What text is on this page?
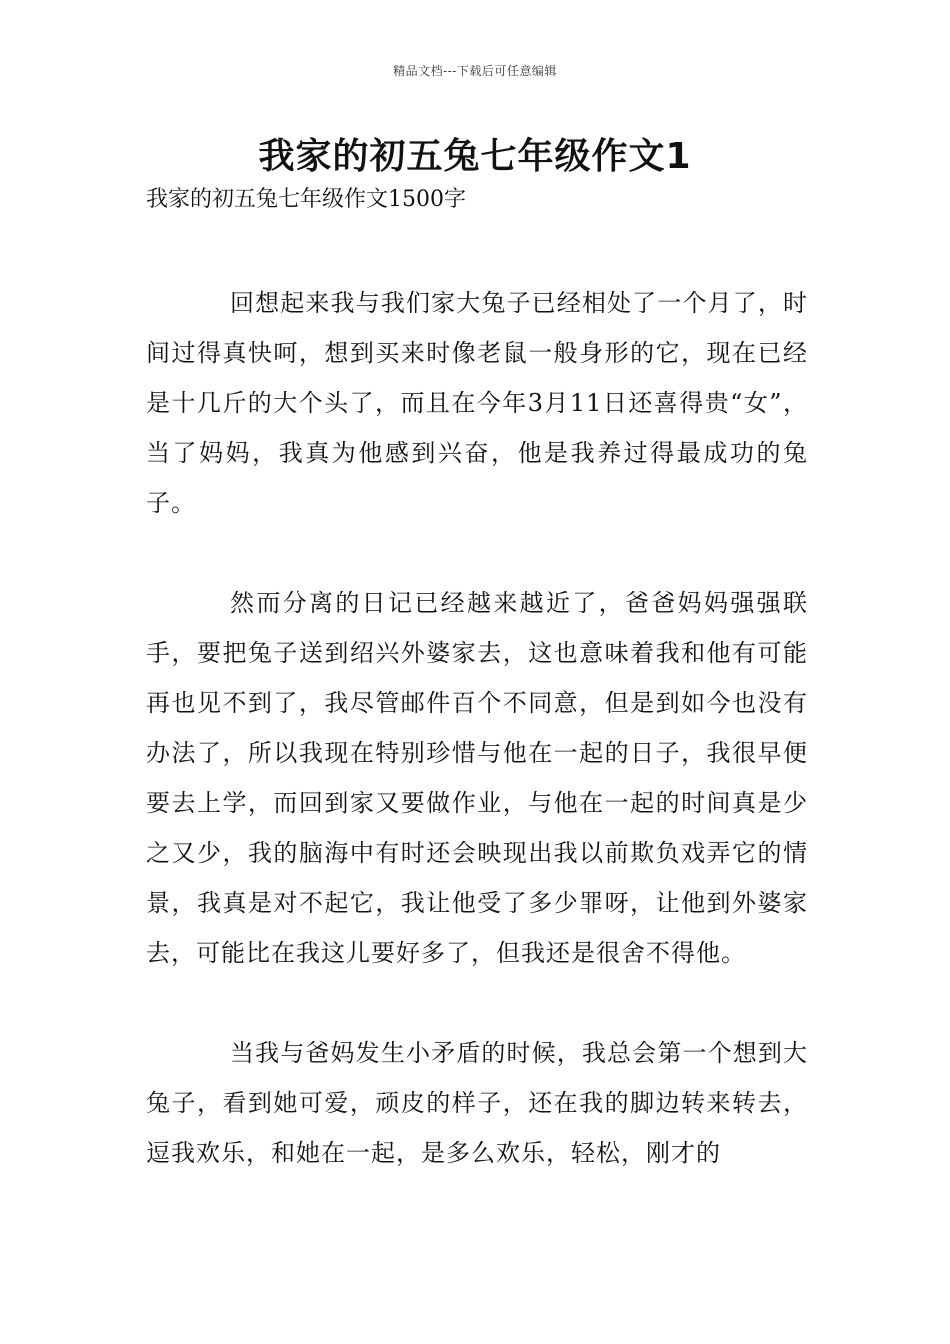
精品文档---下载后可任意编辑
我家的初五兔七年级作文1
我家的初五兔七年级作文1500字

回想起来我与我们家大兔子已经相处了一个月了，时间过得真快呵，想到买来时像老鼠一般身形的它，现在已经是十几斤的大个头了，而且在今年3月11日还喜得贵“女”，当了妈妈，我真为他感到兴奋，他是我养过得最成功的兔子。

然而分离的日记已经越来越近了，爸爸妈妈强强联手，要把兔子送到绍兴外婆家去，这也意味着我和他有可能再也见不到了，我尽管邮件百个不同意，但是到如今也没有办法了，所以我现在特别珍惜与他在一起的日子，我很早便要去上学，而回到家又要做作业，与他在一起的时间真是少之又少，我的脑海中有时还会映现出我以前欺负戏弄它的情景，我真是对不起它，我让他受了多少罪呀，让他到外婆家去，可能比在我这儿要好多了，但我还是很舍不得他。

当我与爸妈发生小矛盾的时候，我总会第一个想到大兔子，看到她可爱，顽皮的样子，还在我的脚边转来转去，逗我欢乐，和她在一起，是多么欢乐，轻松，刚才的
